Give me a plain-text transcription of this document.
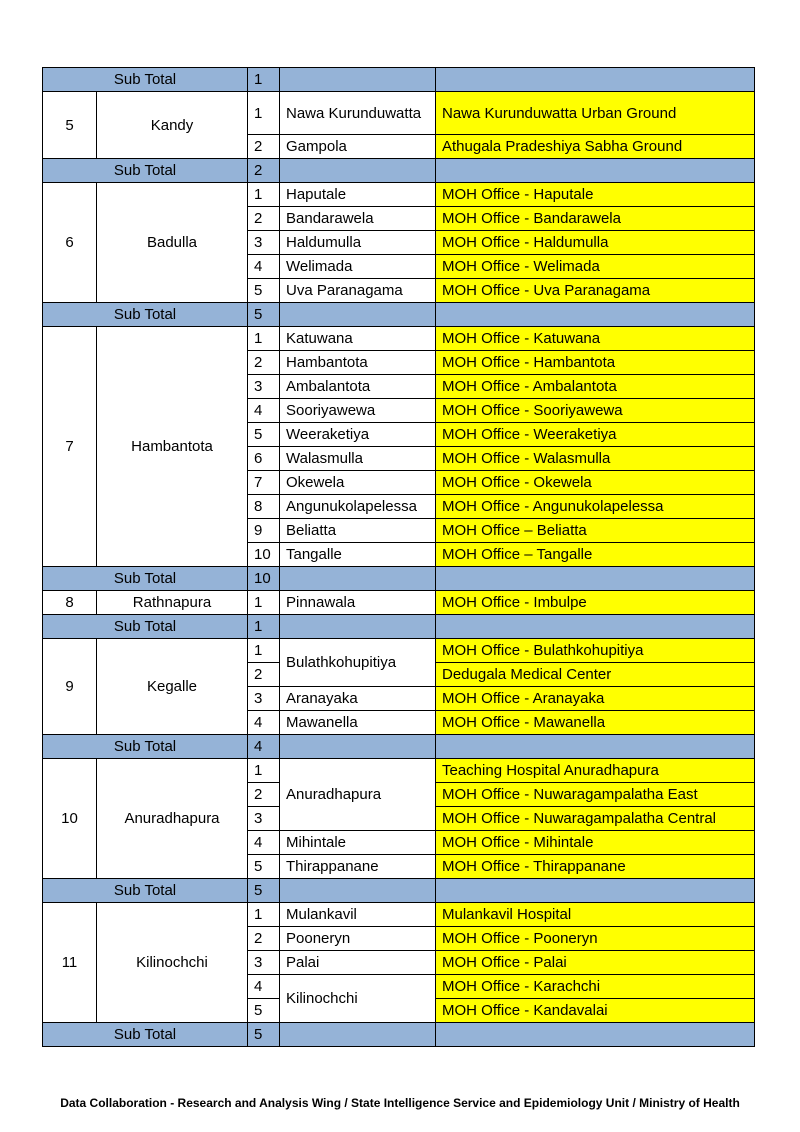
Sub Total		1		
5	Kandy	1	Nawa Kurunduwatta	Nawa Kurunduwatta Urban Ground
		2	Gampola	Athugala Pradeshiya Sabha Ground
Sub Total		2		
6	Badulla	1	Haputale	MOH Office - Haputale
		2	Bandarawela	MOH Office - Bandarawela
		3	Haldumulla	MOH Office - Haldumulla
		4	Welimada	MOH Office - Welimada
		5	Uva Paranagama	MOH Office - Uva Paranagama
Sub Total		5		
7	Hambantota	1	Katuwana	MOH Office - Katuwana
		2	Hambantota	MOH Office - Hambantota
		3	Ambalantota	MOH Office - Ambalantota
		4	Sooriyawewa	MOH Office - Sooriyawewa
		5	Weeraketiya	MOH Office - Weeraketiya
		6	Walasmulla	MOH Office - Walasmulla
		7	Okewela	MOH Office - Okewela
		8	Angunukolapelessa	MOH Office - Angunukolapelessa
		9	Beliatta	MOH Office – Beliatta
		10	Tangalle	MOH Office – Tangalle
Sub Total		10		
8	Rathnapura	1	Pinnawala	MOH Office - Imbulpe
Sub Total		1		
9	Kegalle	1	Bulathkohupitiya	MOH Office - Bulathkohupitiya
		2		Dedugala Medical Center
		3	Aranayaka	MOH Office - Aranayaka
		4	Mawanella	MOH Office - Mawanella
Sub Total		4		
10	Anuradhapura	1	Anuradhapura	Teaching Hospital Anuradhapura
		2		MOH Office - Nuwaragampalatha East
		3		MOH Office - Nuwaragampalatha Central
		4	Mihintale	MOH Office - Mihintale
		5	Thirappanane	MOH Office - Thirappanane
Sub Total		5		
11	Kilinochchi	1	Mulankavil	Mulankavil Hospital
		2	Pooneryn	MOH Office - Pooneryn
		3	Palai	MOH Office - Palai
		4	Kilinochchi	MOH Office - Karachchi
		5		MOH Office - Kandavalai
Sub Total		5		
Data Collaboration - Research and Analysis Wing / State Intelligence Service and Epidemiology Unit / Ministry of Health
